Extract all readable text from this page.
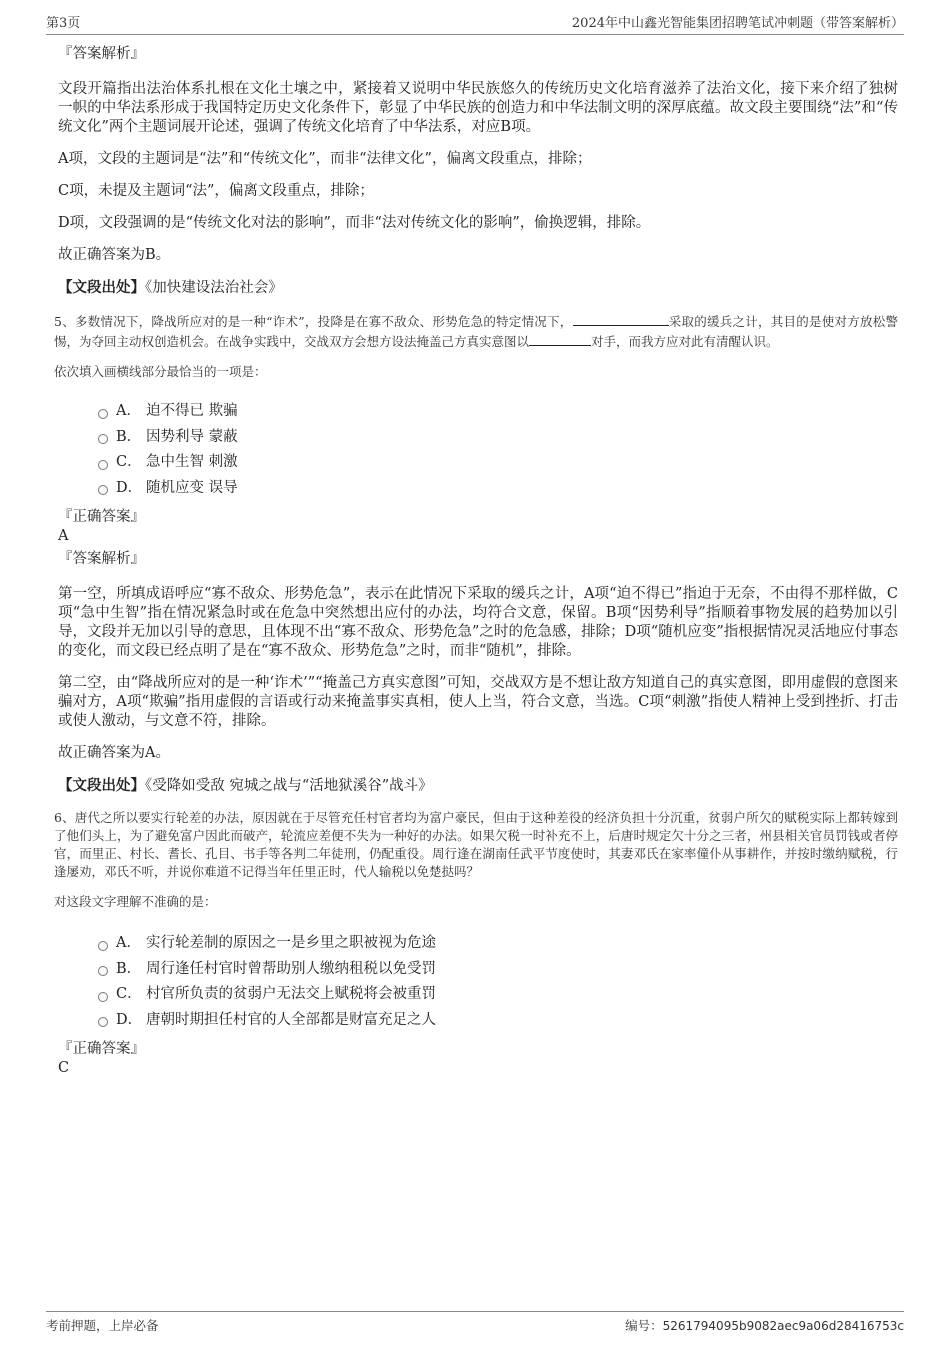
第3页	2024年中山鑫光智能集团招聘笔试冲刺题（带答案解析）
『答案解析』

文段开篇指出法治体系扎根在文化土壤之中，紧接着又说明中华民族悠久的传统历史文化培育滋养了法治文化，接下来介绍了独树一帜的中华法系形成于我国特定历史文化条件下，彰显了中华民族的创造力和中华法制文明的深厚底蕴。故文段主要围绕“法”和“传统文化”两个主题词展开论述，强调了传统文化培育了中华法系，对应B项。

A项，文段的主题词是“法”和“传统文化”，而非“法律文化”，偏离文段重点，排除；

C项，未提及主题词“法”，偏离文段重点，排除；

D项，文段强调的是“传统文化对法的影响”，而非“法对传统文化的影响”，偷换逻辑，排除。

故正确答案为B。

【文段出处】《加快建设法治社会》

5、多数情况下，降战所应对的是一种“诈术”，投降是在寡不敌众、形势危急的特定情况下，	采取的缓兵之计，其目的是使对方放松警惕，为夺回主动权创造机会。在战争实践中，交战双方会想方设法掩盖己方真实意图以	对手，而我方应对此有清醒认识。

依次填入画横线部分最恰当的一项是：

A． 迫不得已 欺骗
B． 因势利导 蒙蔽
C． 急中生智 刺激
D． 随机应变 误导
『正确答案』
A
『答案解析』

第一空，所填成语呼应“寡不敌众、形势危急”，表示在此情况下采取的缓兵之计，A项“迫不得已”指迫于无奈，不由得不那样做，C项“急中生智”指在情况紧急时或在危急中突然想出应付的办法，均符合文意，保留。B项“因势利导”指顺着事物发展的趋势加以引导，文段并无加以引导的意思，且体现不出“寡不敌众、形势危急”之时的危急感，排除；D项“随机应变”指根据情况灵活地应付事态的变化，而文段已经点明了是在“寡不敌众、形势危急”之时，而非“随机”，排除。

第二空，由“降战所应对的是一种‘诈术’”“掩盖己方真实意图”可知，交战双方是不想让敌方知道自己的真实意图，即用虚假的意图来骗对方，A项“欺骗”指用虚假的言语或行动来掩盖事实真相，使人上当，符合文意，当选。C项“刺激”指使人精神上受到挫折、打击或使人激动，与文意不符，排除。

故正确答案为A。

【文段出处】《受降如受敌 宛城之战与“活地狱溪谷”战斗》

6、唐代之所以要实行轮差的办法，原因就在于尽管充任村官者均为富户豪民，但由于这种差役的经济负担十分沉重，贫弱户所欠的赋税实际上都转嫁到了他们头上，为了避免富户因此而破产，轮流应差便不失为一种好的办法。如果欠税一时补充不上，后唐时规定欠十分之三者，州县相关官员罚钱或者停官，而里正、村长、耆长、孔目、书手等各判二年徒刑，仍配重役。周行逢在湖南任武平节度使时，其妻邓氏在家率僮仆从事耕作，并按时缴纳赋税，行逢屡劝，邓氏不听，并说你难道不记得当年任里正时，代人输税以免楚挞吗？

对这段文字理解不准确的是：

A． 实行轮差制的原因之一是乡里之职被视为危途
B． 周行逢任村官时曾帮助别人缴纳租税以免受罚
C． 村官所负责的贫弱户无法交上赋税将会被重罚
D． 唐朝时期担任村官的人全部都是财富充足之人
『正确答案』
C
考前押题，上岸必备	编号：5261794095b9082aec9a06d28416753c
